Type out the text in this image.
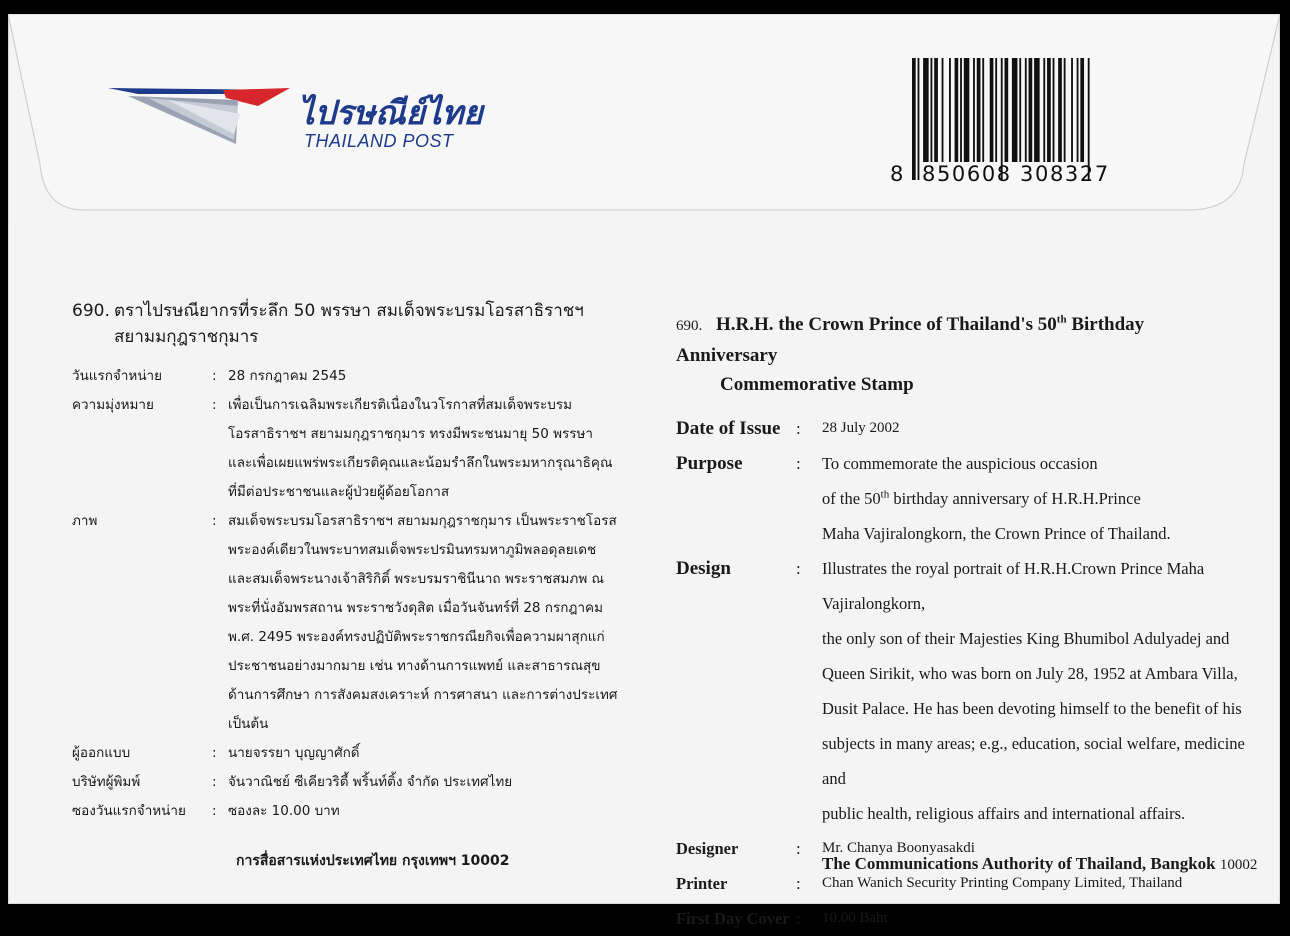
ไปรษณีย์ไทย
THAILAND POST
8 850608 308327
690. ตราไปรษณียากรที่ระลึก 50 พรรษา สมเด็จพระบรมโอรสาธิราชฯ
สยามมกุฎราชกุมาร
วันแรกจำหน่าย	: 28 กรกฎาคม 2545
ความมุ่งหมาย	: เพื่อเป็นการเฉลิมพระเกียรติเนื่องในวโรกาสที่สมเด็จพระบรม
โอรสาธิราชฯ สยามมกุฎราชกุมาร ทรงมีพระชนมายุ 50 พรรษา
และเพื่อเผยแพร่พระเกียรติคุณและน้อมรำลึกในพระมหากรุณาธิคุณ
ที่มีต่อประชาชนและผู้ป่วยผู้ด้อยโอกาส
ภาพ	: สมเด็จพระบรมโอรสาธิราชฯ สยามมกุฎราชกุมาร เป็นพระราชโอรส
พระองค์เดียวในพระบาทสมเด็จพระปรมินทรมหาภูมิพลอดุลยเดช
และสมเด็จพระนางเจ้าสิริกิติ์ พระบรมราชินีนาถ พระราชสมภพ ณ
พระที่นั่งอัมพรสถาน พระราชวังดุสิต เมื่อวันจันทร์ที่ 28 กรกฎาคม
พ.ศ. 2495 พระองค์ทรงปฏิบัติพระราชกรณียกิจเพื่อความผาสุกแก่
ประชาชนอย่างมากมาย เช่น ทางด้านการแพทย์ และสาธารณสุข
ด้านการศึกษา การสังคมสงเคราะห์ การศาสนา และการต่างประเทศ
เป็นต้น
ผู้ออกแบบ	: นายจรรยา บุญญาศักดิ์
บริษัทผู้พิมพ์	: จันวาณิชย์ ซีเคียวริตี้ พริ้นท์ติ้ง จำกัด ประเทศไทย
ซองวันแรกจำหน่าย	: ซองละ 10.00 บาท
การสื่อสารแห่งประเทศไทย กรุงเทพฯ 10002
690. H.R.H. the Crown Prince of Thailand's 50th Birthday Anniversary
Commemorative Stamp
Date of Issue :	28 July 2002
Purpose	:	To commemorate the auspicious occasion
of the 50th birthday anniversary of H.R.H.Prince
Maha Vajiralongkorn, the Crown Prince of Thailand.
Design	:	Illustrates the royal portrait of H.R.H.Crown Prince Maha Vajiralongkorn,
the only son of their Majesties King Bhumibol Adulyadej and
Queen Sirikit, who was born on July 28, 1952 at Ambara Villa,
Dusit Palace. He has been devoting himself to the benefit of his
subjects in many areas; e.g., education, social welfare, medicine and
public health, religious affairs and international affairs.
Designer	:	Mr. Chanya Boonyasakdi
Printer	:	Chan Wanich Security Printing Company Limited, Thailand
First Day Cover :	10.00 Baht
The Communications Authority of Thailand, Bangkok 10002
